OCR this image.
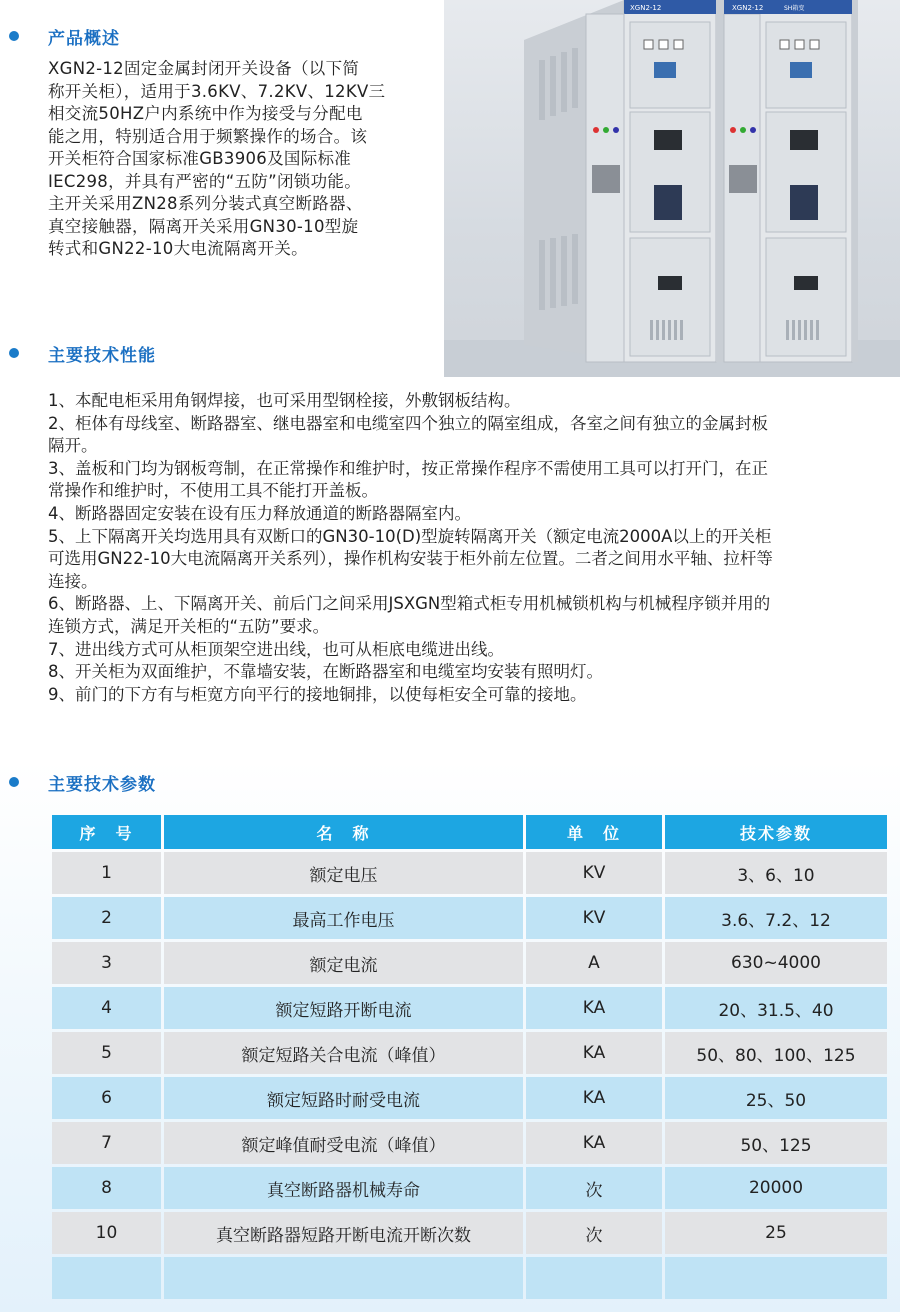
产品概述
XGN2-12固定金属封闭开关设备（以下简
称开关柜），适用于3.6KV、7.2KV、12KV三
相交流50HZ户内系统中作为接受与分配电
能之用，特别适合用于频繁操作的场合。该
开关柜符合国家标准GB3906及国际标准
IEC298，并具有严密的“五防”闭锁功能。
主开关采用ZN28系列分装式真空断路器、
真空接触器，隔离开关采用GN30-10型旋
转式和GN22-10大电流隔离开关。
XGN2-12	XGN2-12	SH箱变
主要技术性能
1、本配电柜采用角钢焊接，也可采用型钢栓接，外敷钢板结构。
2、柜体有母线室、断路器室、继电器室和电缆室四个独立的隔室组成，各室之间有独立的金属封板
隔开。
3、盖板和门均为钢板弯制，在正常操作和维护时，按正常操作程序不需使用工具可以打开门，在正
常操作和维护时，不使用工具不能打开盖板。
4、断路器固定安装在设有压力释放通道的断路器隔室内。
5、上下隔离开关均选用具有双断口的GN30-10(D)型旋转隔离开关（额定电流2000A以上的开关柜
可选用GN22-10大电流隔离开关系列），操作机构安装于柜外前左位置。二者之间用水平轴、拉杆等
连接。
6、断路器、上、下隔离开关、前后门之间采用JSXGN型箱式柜专用机械锁机构与机械程序锁并用的
连锁方式，满足开关柜的“五防”要求。
7、进出线方式可从柜顶架空进出线，也可从柜底电缆进出线。
8、开关柜为双面维护，不靠墙安装，在断路器室和电缆室均安装有照明灯。
9、前门的下方有与柜宽方向平行的接地铜排，以使每柜安全可靠的接地。
主要技术参数
序　号	名　称	单　位	技术参数
1	额定电压	KV	3、6、10
2	最高工作电压	KV	3.6、7.2、12
3	额定电流	A	630~4000
4	额定短路开断电流	KA	20、31.5、40
5	额定短路关合电流（峰值）	KA	50、80、100、125
6	额定短路时耐受电流	KA	25、50
7	额定峰值耐受电流（峰值）	KA	50、125
8	真空断路器机械寿命	次	20000
10	真空断路器短路开断电流开断次数	次	25
